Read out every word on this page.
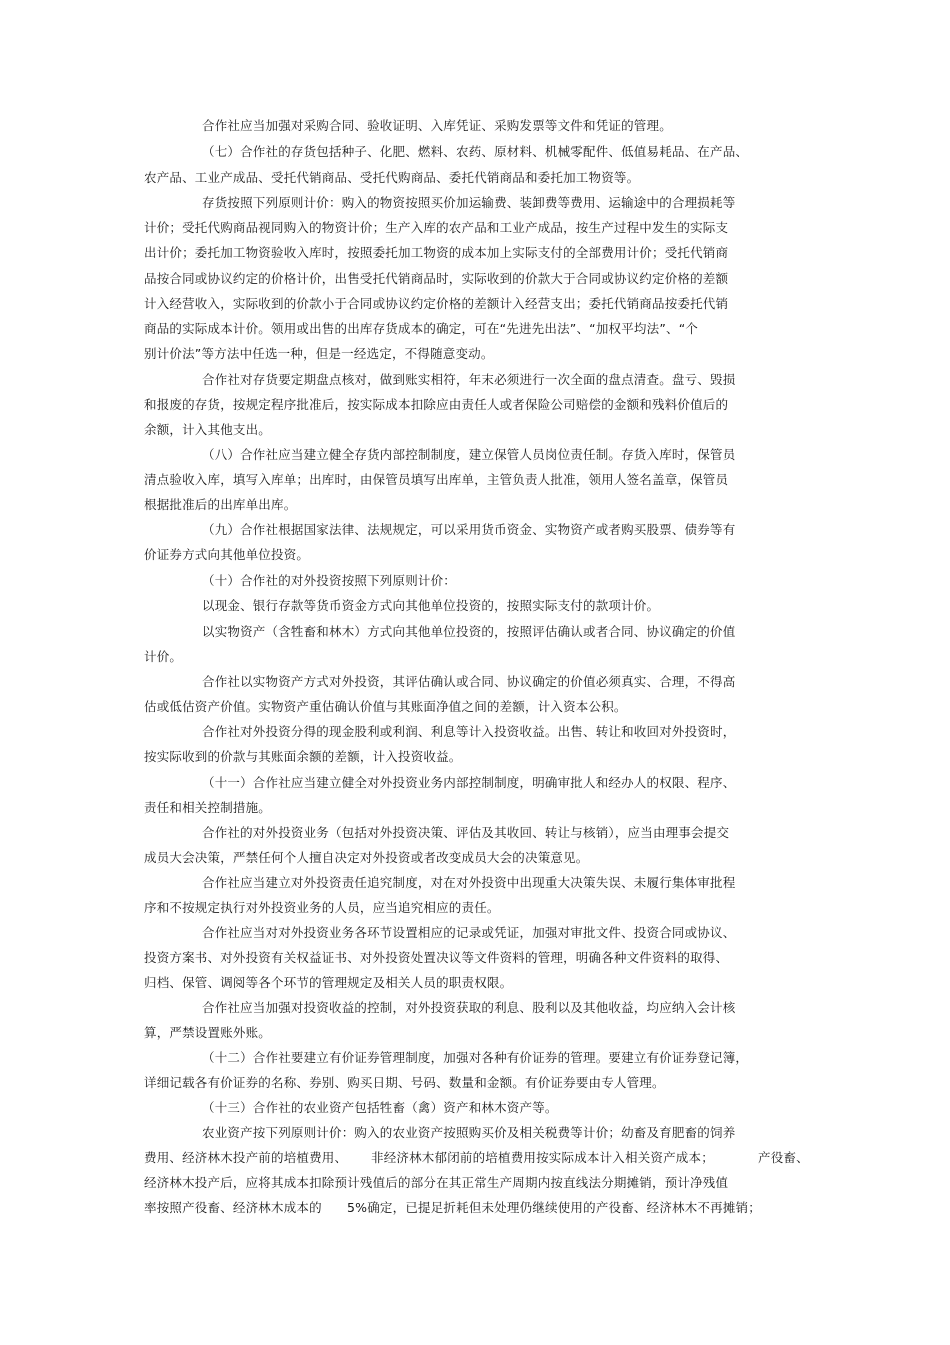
合作社应当加强对采购合同、验收证明、入库凭证、采购发票等文件和凭证的管理。
（七）合作社的存货包括种子、化肥、燃料、农药、原材料、机械零配件、低值易耗品、在产品、
农产品、工业产成品、受托代销商品、受托代购商品、委托代销商品和委托加工物资等。
存货按照下列原则计价：购入的物资按照买价加运输费、装卸费等费用、运输途中的合理损耗等
计价；受托代购商品视同购入的物资计价；生产入库的农产品和工业产成品，按生产过程中发生的实际支
出计价；委托加工物资验收入库时，按照委托加工物资的成本加上实际支付的全部费用计价；受托代销商
品按合同或协议约定的价格计价，出售受托代销商品时，实际收到的价款大于合同或协议约定价格的差额
计入经营收入，实际收到的价款小于合同或协议约定价格的差额计入经营支出；委托代销商品按委托代销
商品的实际成本计价。领用或出售的出库存货成本的确定，可在“先进先出法”、“加权平均法”、“个
别计价法”等方法中任选一种，但是一经选定，不得随意变动。
合作社对存货要定期盘点核对，做到账实相符，年末必须进行一次全面的盘点清查。盘亏、毁损
和报废的存货，按规定程序批准后，按实际成本扣除应由责任人或者保险公司赔偿的金额和残料价值后的
余额，计入其他支出。
（八）合作社应当建立健全存货内部控制制度，建立保管人员岗位责任制。存货入库时，保管员
清点验收入库，填写入库单；出库时，由保管员填写出库单，主管负责人批准，领用人签名盖章，保管员
根据批准后的出库单出库。
（九）合作社根据国家法律、法规规定，可以采用货币资金、实物资产或者购买股票、债券等有
价证券方式向其他单位投资。
（十）合作社的对外投资按照下列原则计价：
以现金、银行存款等货币资金方式向其他单位投资的，按照实际支付的款项计价。
以实物资产（含牲畜和林木）方式向其他单位投资的，按照评估确认或者合同、协议确定的价值
计价。
合作社以实物资产方式对外投资，其评估确认或合同、协议确定的价值必须真实、合理，不得高
估或低估资产价值。实物资产重估确认价值与其账面净值之间的差额，计入资本公积。
合作社对外投资分得的现金股利或利润、利息等计入投资收益。出售、转让和收回对外投资时，
按实际收到的价款与其账面余额的差额，计入投资收益。
（十一）合作社应当建立健全对外投资业务内部控制制度，明确审批人和经办人的权限、程序、
责任和相关控制措施。
合作社的对外投资业务（包括对外投资决策、评估及其收回、转让与核销），应当由理事会提交
成员大会决策，严禁任何个人擅自决定对外投资或者改变成员大会的决策意见。
合作社应当建立对外投资责任追究制度，对在对外投资中出现重大决策失误、未履行集体审批程
序和不按规定执行对外投资业务的人员，应当追究相应的责任。
合作社应当对对外投资业务各环节设置相应的记录或凭证，加强对审批文件、投资合同或协议、
投资方案书、对外投资有关权益证书、对外投资处置决议等文件资料的管理，明确各种文件资料的取得、
归档、保管、调阅等各个环节的管理规定及相关人员的职责权限。
合作社应当加强对投资收益的控制，对外投资获取的利息、股利以及其他收益，均应纳入会计核
算，严禁设置账外账。
（十二）合作社要建立有价证券管理制度，加强对各种有价证券的管理。要建立有价证券登记簿，
详细记载各有价证券的名称、券别、购买日期、号码、数量和金额。有价证券要由专人管理。
（十三）合作社的农业资产包括牲畜（禽）资产和林木资产等。
农业资产按下列原则计价：购入的农业资产按照购买价及相关税费等计价；幼畜及育肥畜的饲养
费用、经济林木投产前的培植费用、 非经济林木郁闭前的培植费用按实际成本计入相关资产成本；	产役畜、
经济林木投产后，应将其成本扣除预计残值后的部分在其正常生产周期内按直线法分期摊销，预计净残值
率按照产役畜、经济林木成本的 5%确定，已提足折耗但未处理仍继续使用的产役畜、经济林木不再摊销；
